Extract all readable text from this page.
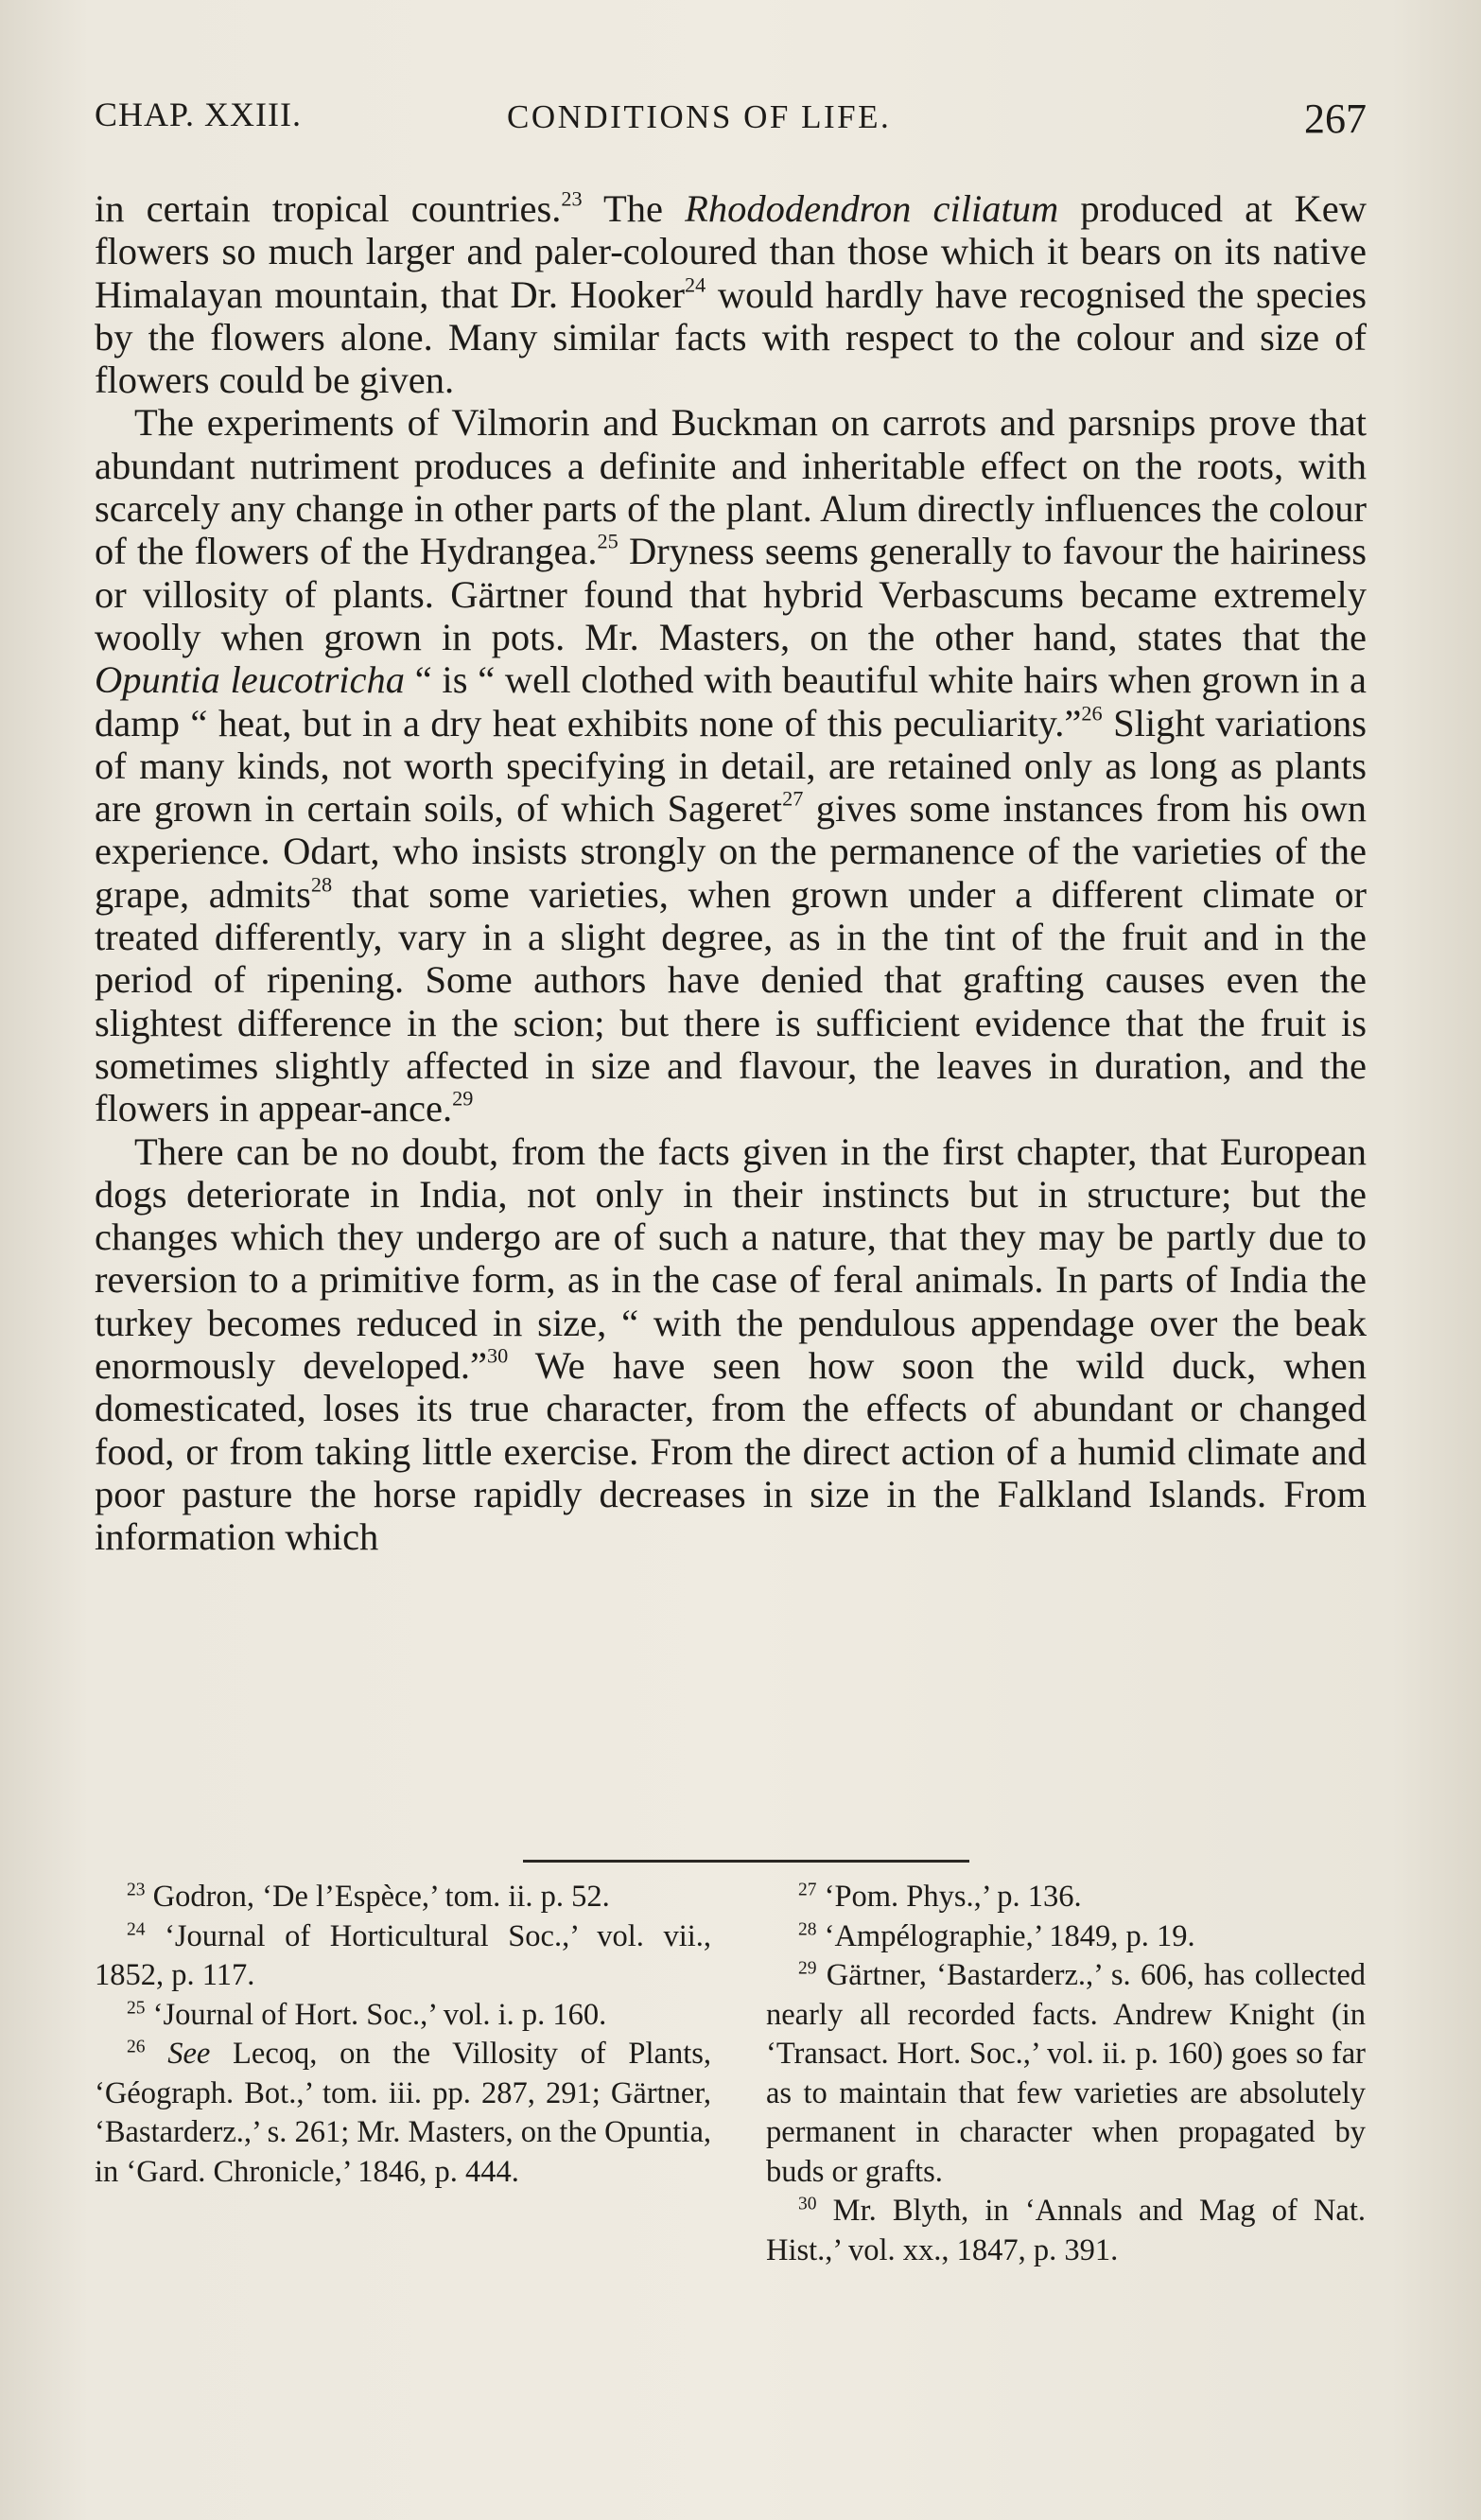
CHAP. XXIII.	CONDITIONS OF LIFE.	267

in certain tropical countries.$^{23}$ The Rhododendron ciliatum produced at Kew flowers so much larger and paler-coloured than those which it bears on its native Himalayan mountain, that Dr. Hooker$^{24}$ would hardly have recognised the species by the flowers alone. Many similar facts with respect to the colour and size of flowers could be given.

The experiments of Vilmorin and Buckman on carrots and parsnips prove that abundant nutriment produces a definite and inheritable effect on the roots, with scarcely any change in other parts of the plant. Alum directly influences the colour of the flowers of the Hydrangea.$^{25}$ Dryness seems generally to favour the hairiness or villosity of plants. Gärtner found that hybrid Verbascums became extremely woolly when grown in pots. Mr. Masters, on the other hand, states that the Opuntia leucotricha “ is “ well clothed with beautiful white hairs when grown in a damp “ heat, but in a dry heat exhibits none of this peculiarity.”$^{26}$ Slight variations of many kinds, not worth specifying in detail, are retained only as long as plants are grown in certain soils, of which Sageret$^{27}$ gives some instances from his own experience. Odart, who insists strongly on the permanence of the varieties of the grape, admits$^{28}$ that some varieties, when grown under a different climate or treated differently, vary in a slight degree, as in the tint of the fruit and in the period of ripening. Some authors have denied that grafting causes even the slightest difference in the scion; but there is sufficient evidence that the fruit is sometimes slightly affected in size and flavour, the leaves in duration, and the flowers in appear-ance.$^{29}$

There can be no doubt, from the facts given in the first chapter, that European dogs deteriorate in India, not only in their instincts but in structure; but the changes which they undergo are of such a nature, that they may be partly due to reversion to a primitive form, as in the case of feral animals. In parts of India the turkey becomes reduced in size, “ with the pendulous appendage over the beak enormously developed.”$^{30}$ We have seen how soon the wild duck, when domesticated, loses its true character, from the effects of abundant or changed food, or from taking little exercise. From the direct action of a humid climate and poor pasture the horse rapidly decreases in size in the Falkland Islands. From information which

$^{23}$ Godron, ‘De l’Espèce,’ tom. ii. p. 52.

$^{24}$ ‘Journal of Horticultural Soc.,’ vol. vii., 1852, p. 117.

$^{25}$ ‘Journal of Hort. Soc.,’ vol. i. p. 160.

$^{26}$ See Lecoq, on the Villosity of Plants, ‘Géograph. Bot.,’ tom. iii. pp. 287, 291; Gärtner, ‘Bastarderz.,’ s. 261; Mr. Masters, on the Opuntia, in ‘Gard. Chronicle,’ 1846, p. 444.

$^{27}$ ‘Pom. Phys.,’ p. 136.

$^{28}$ ‘Ampélographie,’ 1849, p. 19.

$^{29}$ Gärtner, ‘Bastarderz.,’ s. 606, has collected nearly all recorded facts. Andrew Knight (in ‘Transact. Hort. Soc.,’ vol. ii. p. 160) goes so far as to maintain that few varieties are absolutely permanent in character when propagated by buds or grafts.

$^{30}$ Mr. Blyth, in ‘Annals and Mag of Nat. Hist.,’ vol. xx., 1847, p. 391.
